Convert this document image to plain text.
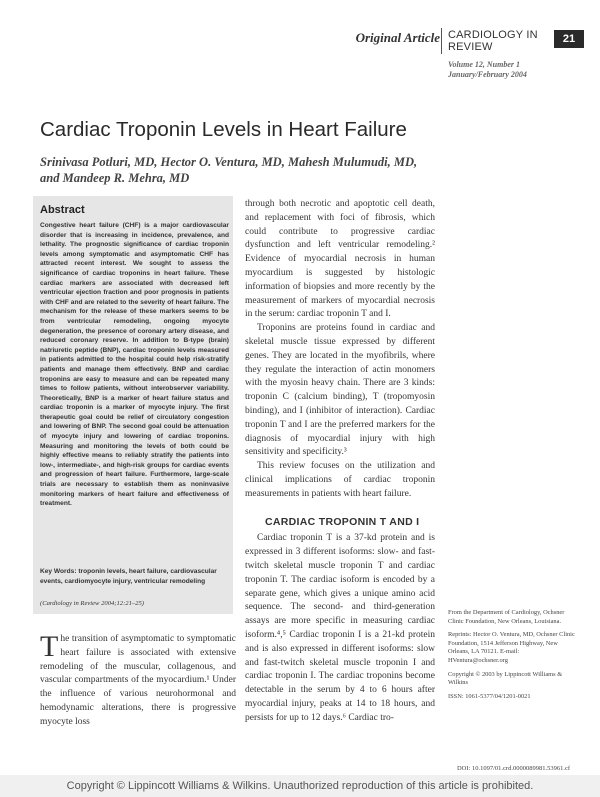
Original Article CARDIOLOGY IN
REVIEW
21
Volume 12, Number 1
January/February 2004
Cardiac Troponin Levels in Heart Failure
Srinivasa Potluri, MD, Hector O. Ventura, MD, Mahesh Mulumudi, MD, and Mandeep R. Mehra, MD
Abstract
Congestive heart failure (CHF) is a major cardiovascular disorder that is increasing in incidence, prevalence, and lethality. The prognostic significance of cardiac troponin levels among symptomatic and asymptomatic CHF has attracted recent interest. We sought to assess the significance of cardiac troponins in heart failure. These cardiac markers are associated with decreased left ventricular ejection fraction and poor prognosis in patients with CHF and are related to the severity of heart failure. The mechanism for the release of these markers seems to be from ventricular remodeling, ongoing myocyte degeneration, the presence of coronary artery disease, and reduced coronary reserve. In addition to B-type (brain) natriuretic peptide (BNP), cardiac troponin levels measured in patients admitted to the hospital could help risk-stratify patients and manage them effectively. BNP and cardiac troponins are easy to measure and can be repeated many times to follow patients, without interobserver variability. Theoretically, BNP is a marker of heart failure status and cardiac troponin is a marker of myocyte injury. The first therapeutic goal could be relief of circulatory congestion and lowering of BNP. The second goal could be attenuation of myocyte injury and lowering of cardiac troponins. Measuring and monitoring the levels of both could be highly effective means to reliably stratify the patients into low-, intermediate-, and high-risk groups for cardiac events and progression of heart failure. Furthermore, large-scale trials are necessary to establish them as noninvasive monitoring markers of heart failure and effectiveness of treatment.
Key Words: troponin levels, heart failure, cardiovascular events, cardiomyocyte injury, ventricular remodeling
(Cardiology in Review 2004;12:21–25)
The transition of asymptomatic to symptomatic heart failure is associated with extensive remodeling of the muscular, collagenous, and vascular compartments of the myocardium.¹ Under the influence of various neurohormonal and hemodynamic alterations, there is progressive myocyte loss

through both necrotic and apoptotic cell death, and replacement with foci of fibrosis, which could contribute to progressive cardiac dysfunction and left ventricular remodeling.² Evidence of myocardial necrosis in human myocardium is suggested by histologic information of biopsies and more recently by the measurement of markers of myocardial necrosis in the serum: cardiac troponin T and I.

Troponins are proteins found in cardiac and skeletal muscle tissue expressed by different genes. They are located in the myofibrils, where they regulate the interaction of actin monomers with the myosin heavy chain. There are 3 kinds: troponin C (calcium binding), T (tropomyosin binding), and I (inhibitor of interaction). Cardiac troponin T and I are the preferred markers for the diagnosis of myocardial injury with high sensitivity and specificity.³

This review focuses on the utilization and clinical implications of cardiac troponin measurements in patients with heart failure.

CARDIAC TROPONIN T AND I

Cardiac troponin T is a 37-kd protein and is expressed in 3 different isoforms: slow- and fast-twitch skeletal muscle troponin T and cardiac troponin T. The cardiac isoform is encoded by a separate gene, which gives a unique amino acid sequence. The second- and third-generation assays are more specific in measuring cardiac isoform.⁴,⁵ Cardiac troponin I is a 21-kd protein and is also expressed in different isoforms: slow and fast-twitch skeletal muscle troponin I and cardiac troponin I. The cardiac troponins become detectable in the serum by 4 to 6 hours after myocardial injury, peaks at 14 to 18 hours, and persists for up to 12 days.⁶ Cardiac tro-

From the Department of Cardiology, Ochsner Clinic Foundation, New Orleans, Louisiana.
Reprints: Hector O. Ventura, MD, Ochsner Clinic Foundation, 1514 Jefferson Highway, New Orleans, LA 70121. E-mail: HVentura@ochsner.org
Copyright © 2003 by Lippincott Williams & Wilkins
ISSN: 1061-5377/04/1201-0021
DOI: 10.1097/01.crd.0000089981.53961.cf
Copyright © Lippincott Williams & Wilkins. Unauthorized reproduction of this article is prohibited.
